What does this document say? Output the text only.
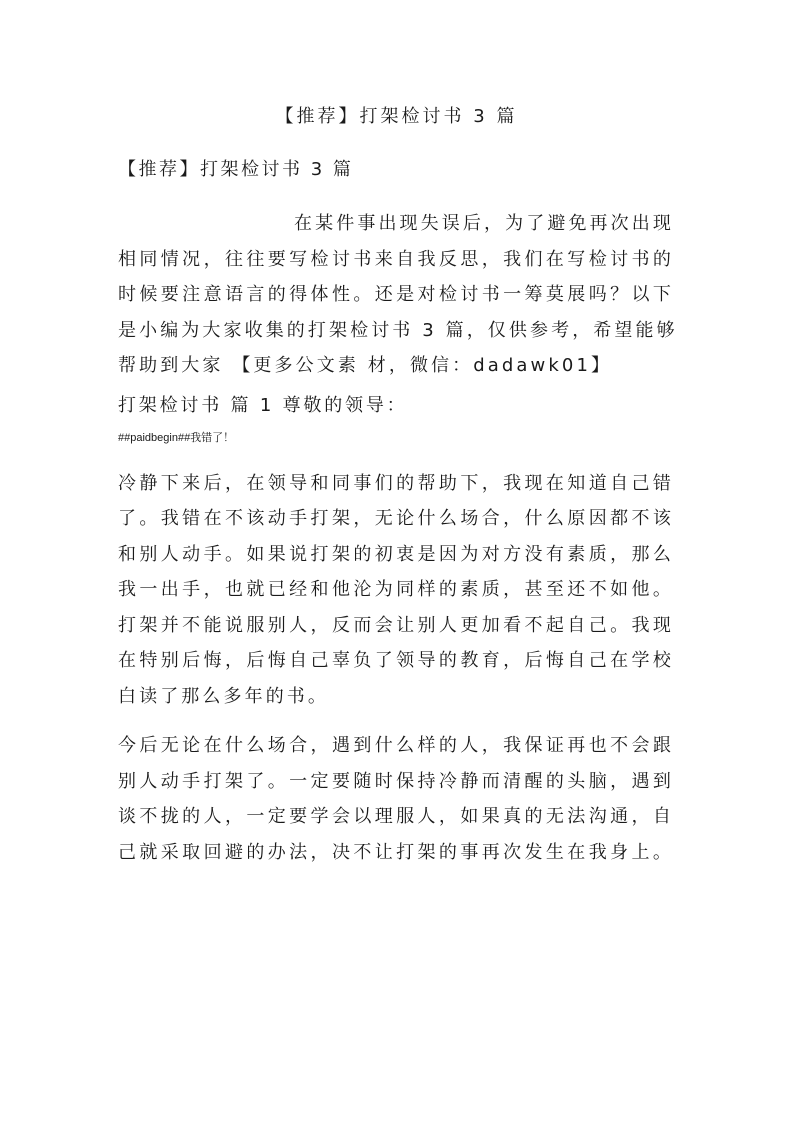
【推荐】打架检讨书 3 篇
【推荐】打架检讨书 3 篇
在某件事出现失误后，为了避免再次出现
相同情况，往往要写检讨书来自我反思，我们在写检讨书的
时候要注意语言的得体性。还是对检讨书一筹莫展吗？以下
是小编为大家收集的打架检讨书 3 篇，仅供参考，希望能够
帮助到大家 【更多公文素 材，微信：dadawk01】
打架检讨书 篇 1 尊敬的领导：
##paidbegin##我错了！
冷静下来后，在领导和同事们的帮助下，我现在知道自己错
了。我错在不该动手打架，无论什么场合，什么原因都不该
和别人动手。如果说打架的初衷是因为对方没有素质，那么
我一出手，也就已经和他沦为同样的素质，甚至还不如他。
打架并不能说服别人，反而会让别人更加看不起自己。我现
在特别后悔，后悔自己辜负了领导的教育，后悔自己在学校
白读了那么多年的书。
今后无论在什么场合，遇到什么样的人，我保证再也不会跟
别人动手打架了。一定要随时保持冷静而清醒的头脑，遇到
谈不拢的人，一定要学会以理服人，如果真的无法沟通，自
己就采取回避的办法，决不让打架的事再次发生在我身上。
